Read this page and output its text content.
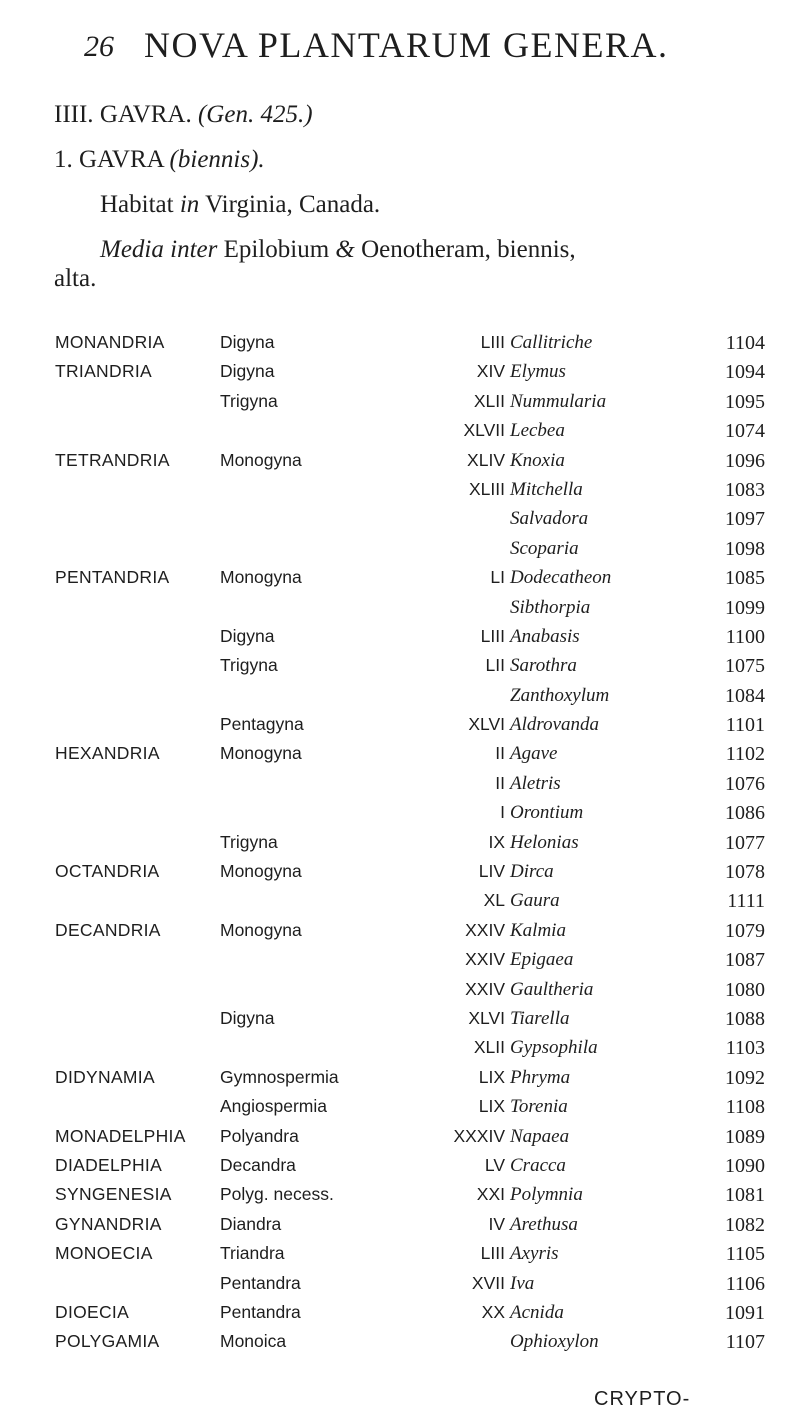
26 NOVA PLANTARUM GENERA.
IIII. GAVRA. (Gen. 425.)
1. GAVRA (biennis).
Habitat in Virginia, Canada.
Media inter Epilobium & Oenotheram, biennis,
alta.
MONANDRIA	Digyna	LIII Callitriche	1104
TRIANDRIA	Digyna	XIV Elymus	1094
Trigyna	XLII Nummularia	1095
XLVII Lecbea	1074
TETRANDRIA	Monogyna	XLIV Knoxia	1096
XLIII Mitchella	1083
Salvadora	1097
Scoparia	1098
PENTANDRIA	Monogyna	LI Dodecatheon	1085
Sibthorpia	1099
Digyna	LIII Anabasis	1100
Trigyna	LII Sarothra	1075
Zanthoxylum	1084
Pentagyna	XLVI Aldrovanda	1101
HEXANDRIA	Monogyna	II Agave	1102
II Aletris	1076
I Orontium	1086
Trigyna	IX Helonias	1077
OCTANDRIA	Monogyna	LIV Dirca	1078
XL Gaura	1111
DECANDRIA	Monogyna	XXIV Kalmia	1079
XXIV Epigaea	1087
XXIV Gaultheria	1080
Digyna	XLVI Tiarella	1088
XLII Gypsophila	1103
DIDYNAMIA	Gymnospermia	LIX Phryma	1092
Angiospermia	LIX Torenia	1108
MONADELPHIA Polyandra	XXXIV Napaea	1089
DIADELPHIA	Decandra	LV Cracca	1090
SYNGENESIA	Polyg. necess.	XXI Polymnia	1081
GYNANDRIA	Diandra	IV Arethusa	1082
MONOECIA	Triandra	LIII Axyris	1105
Pentandra	XVII Iva	1106
DIOECIA	Pentandra	XX Acnida	1091
POLYGAMIA	Monoica	Ophioxylon	1107
CRYPTO-
